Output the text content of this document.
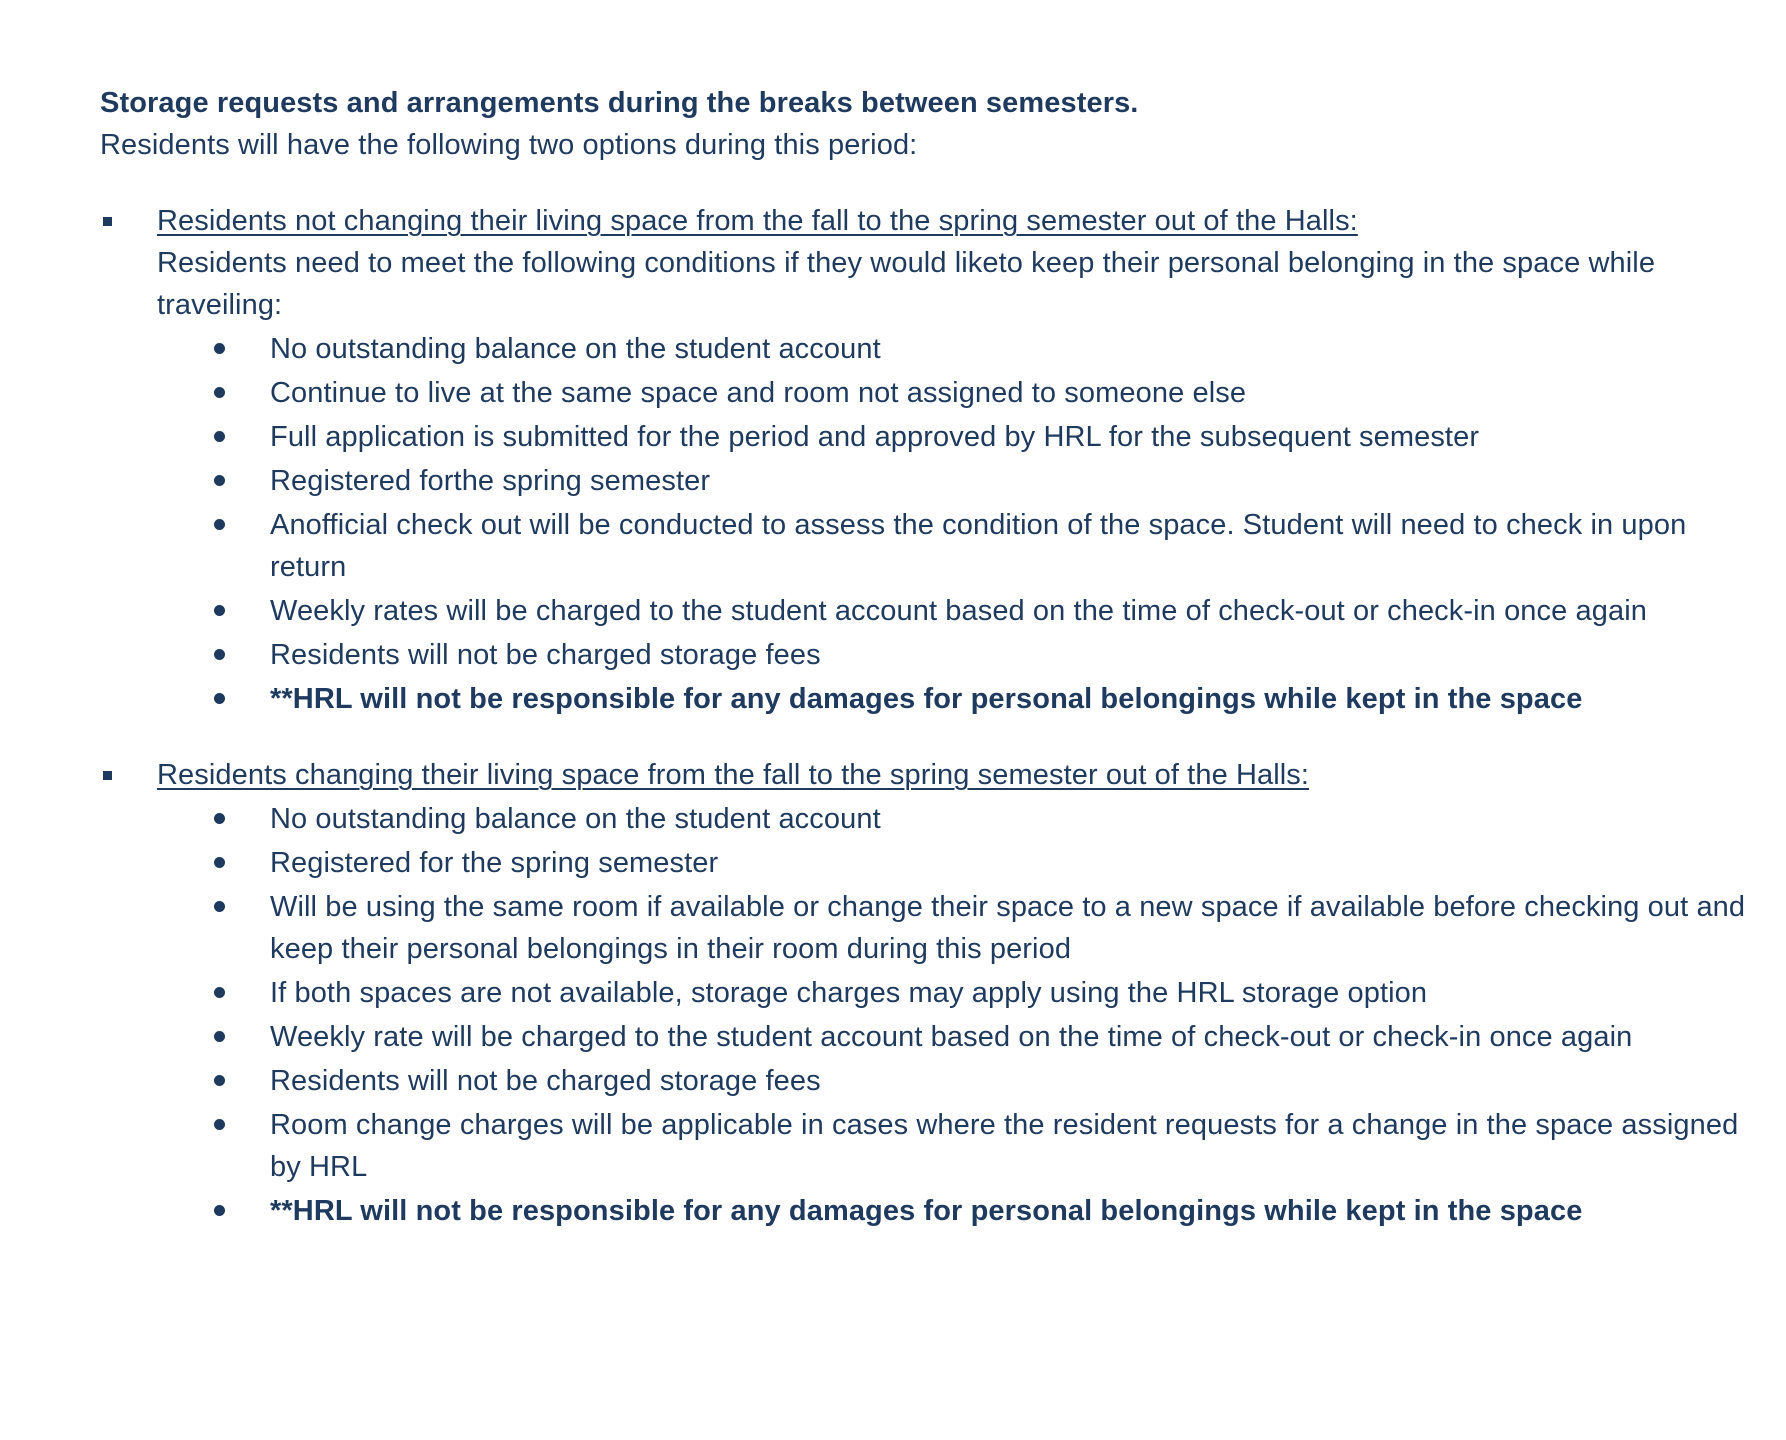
Storage requests and arrangements during the breaks between semesters.

Residents will have the following two options during this period:

Residents not changing their living space from the fall to the spring semester out of the Halls:

Residents need to meet the following conditions if they would liketo keep their personal belonging in the space while traveiling:

No outstanding balance on the student account
Continue to live at the same space and room not assigned to someone else
Full application is submitted for the period and approved by HRL for the subsequent semester
Registered forthe spring semester
Anofficial check out will be conducted to assess the condition of the space. Student will need to check in upon return
Weekly rates will be charged to the student account based on the time of check-out or check-in once again
Residents will not be charged storage fees
**HRL will not be responsible for any damages for personal belongings while kept in the space

Residents changing their living space from the fall to the spring semester out of the Halls:

No outstanding balance on the student account
Registered for the spring semester
Will be using the same room if available or change their space to a new space if available before checking out and keep their personal belongings in their room during this period
If both spaces are not available, storage charges may apply using the HRL storage option
Weekly rate will be charged to the student account based on the time of check-out or check-in once again
Residents will not be charged storage fees
Room change charges will be applicable in cases where the resident requests for a change in the space assigned by HRL
**HRL will not be responsible for any damages for personal belongings while kept in the space
